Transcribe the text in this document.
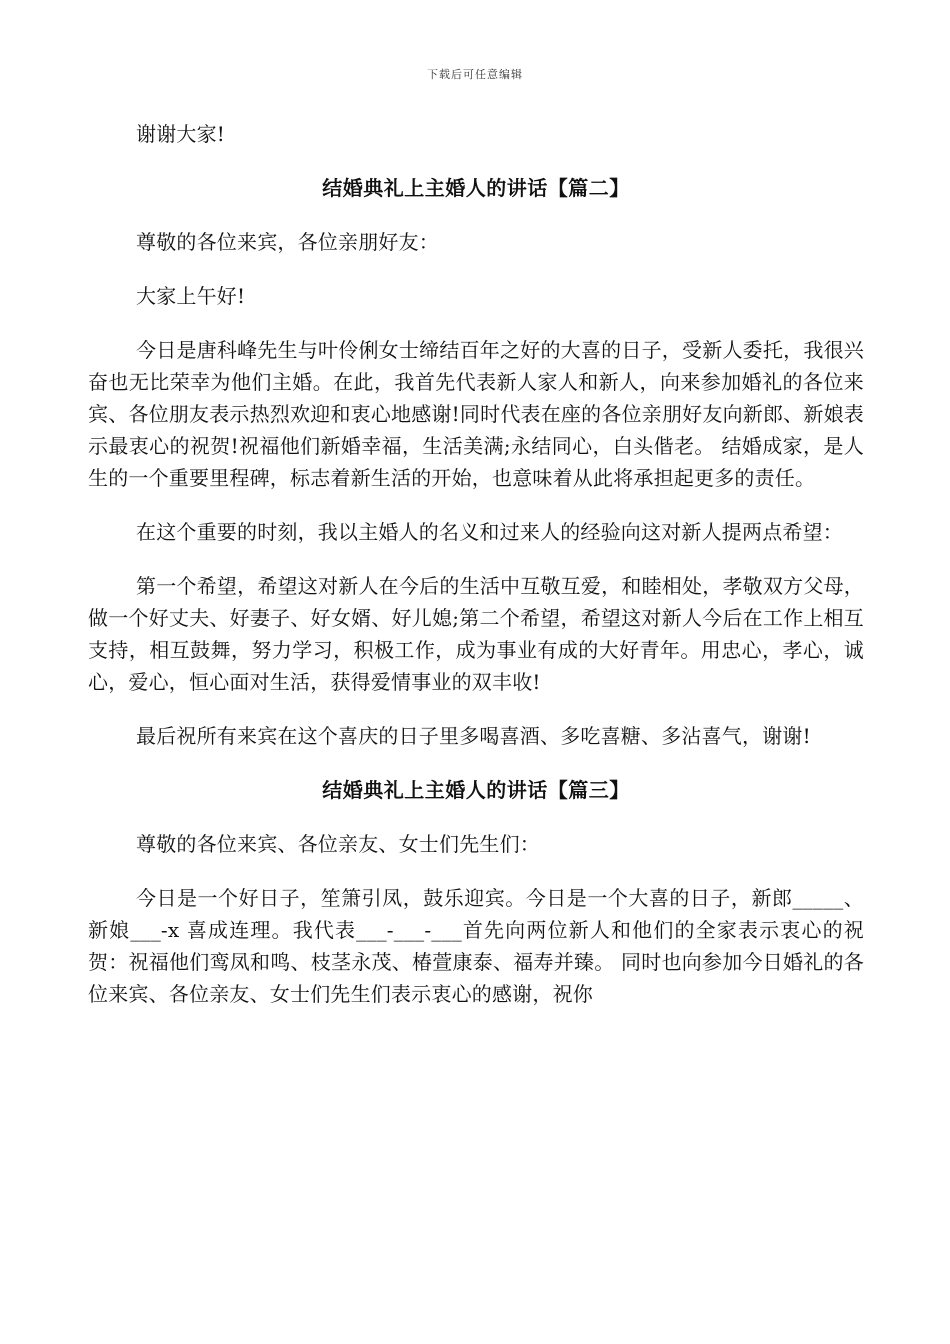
下载后可任意编辑

谢谢大家!

结婚典礼上主婚人的讲话【篇二】

尊敬的各位来宾，各位亲朋好友：

大家上午好!

今日是唐科峰先生与叶伶俐女士缔结百年之好的大喜的日子，受新人委托，我很兴奋也无比荣幸为他们主婚。在此，我首先代表新人家人和新人，向来参加婚礼的各位来宾、各位朋友表示热烈欢迎和衷心地感谢!同时代表在座的各位亲朋好友向新郎、新娘表示最衷心的祝贺!祝福他们新婚幸福，生活美满;永结同心，白头偕老。 结婚成家，是人生的一个重要里程碑，标志着新生活的开始，也意味着从此将承担起更多的责任。

在这个重要的时刻，我以主婚人的名义和过来人的经验向这对新人提两点希望：

第一个希望，希望这对新人在今后的生活中互敬互爱，和睦相处，孝敬双方父母，做一个好丈夫、好妻子、好女婿、好儿媳;第二个希望，希望这对新人今后在工作上相互支持，相互鼓舞，努力学习，积极工作，成为事业有成的大好青年。用忠心，孝心，诚心，爱心，恒心面对生活，获得爱情事业的双丰收!

最后祝所有来宾在这个喜庆的日子里多喝喜酒、多吃喜糖、多沾喜气，谢谢!

结婚典礼上主婚人的讲话【篇三】

尊敬的各位来宾、各位亲友、女士们先生们：

今日是一个好日子，笙箫引凤，鼓乐迎宾。今日是一个大喜的日子，新郎_____、新娘___-x 喜成连理。我代表___-___-___首先向两位新人和他们的全家表示衷心的祝贺：祝福他们鸾凤和鸣、枝茎永茂、椿萱康泰、福寿并臻。 同时也向参加今日婚礼的各位来宾、各位亲友、女士们先生们表示衷心的感谢，祝你
